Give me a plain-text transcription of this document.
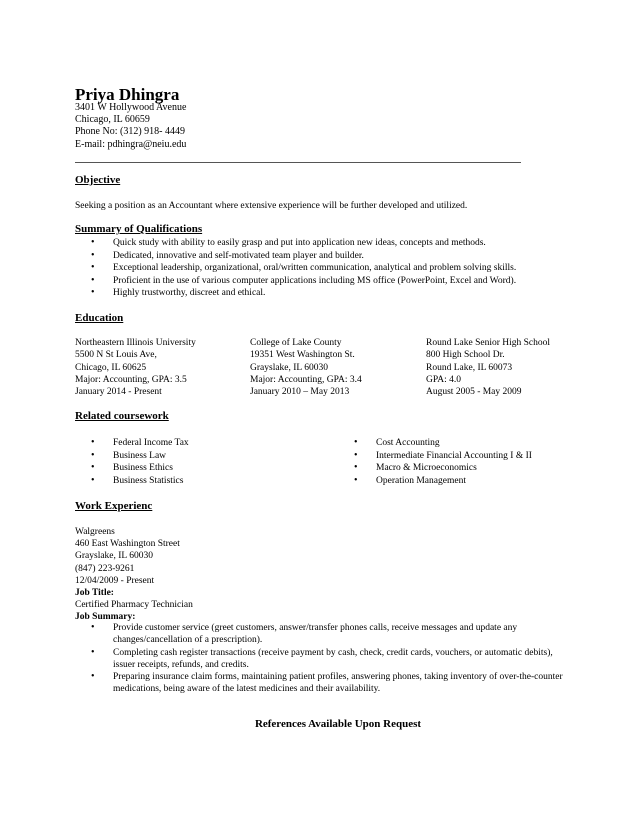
Priya Dhingra
3401 W Hollywood Avenue
Chicago, IL 60659
Phone No: (312) 918- 4449
E-mail: pdhingra@neiu.edu
Objective
Seeking a position as an Accountant where extensive experience will be further developed and utilized.
Summary of Qualifications
• Quick study with ability to easily grasp and put into application new ideas, concepts and methods.
• Dedicated, innovative and self-motivated team player and builder.
• Exceptional leadership, organizational, oral/written communication, analytical and problem solving skills.
• Proficient in the use of various computer applications including MS office (PowerPoint, Excel and Word).
• Highly trustworthy, discreet and ethical.
Education
Northeastern Illinois University
5500 N St Louis Ave,
Chicago, IL 60625
Major: Accounting, GPA: 3.5
January 2014 - Present
College of Lake County
19351 West Washington St.
Grayslake, IL 60030
Major: Accounting, GPA: 3.4
January 2010 – May 2013
Round Lake Senior High School
800 High School Dr.
Round Lake, IL 60073
GPA: 4.0
August 2005 - May 2009
Related coursework
• Federal Income Tax
• Business Law
• Business Ethics
• Business Statistics
• Cost Accounting
• Intermediate Financial Accounting I & II
• Macro & Microeconomics
• Operation Management
Work Experienc
Walgreens
460 East Washington Street
Grayslake, IL 60030
(847) 223-9261
12/04/2009 - Present
Job Title:
Certified Pharmacy Technician
Job Summary:
• Provide customer service (greet customers, answer/transfer phones calls, receive messages and update any changes/cancellation of a prescription).
• Completing cash register transactions (receive payment by cash, check, credit cards, vouchers, or automatic debits), issuer receipts, refunds, and credits.
• Preparing insurance claim forms, maintaining patient profiles, answering phones, taking inventory of over-the-counter medications, being aware of the latest medicines and their availability.
References Available Upon Request
